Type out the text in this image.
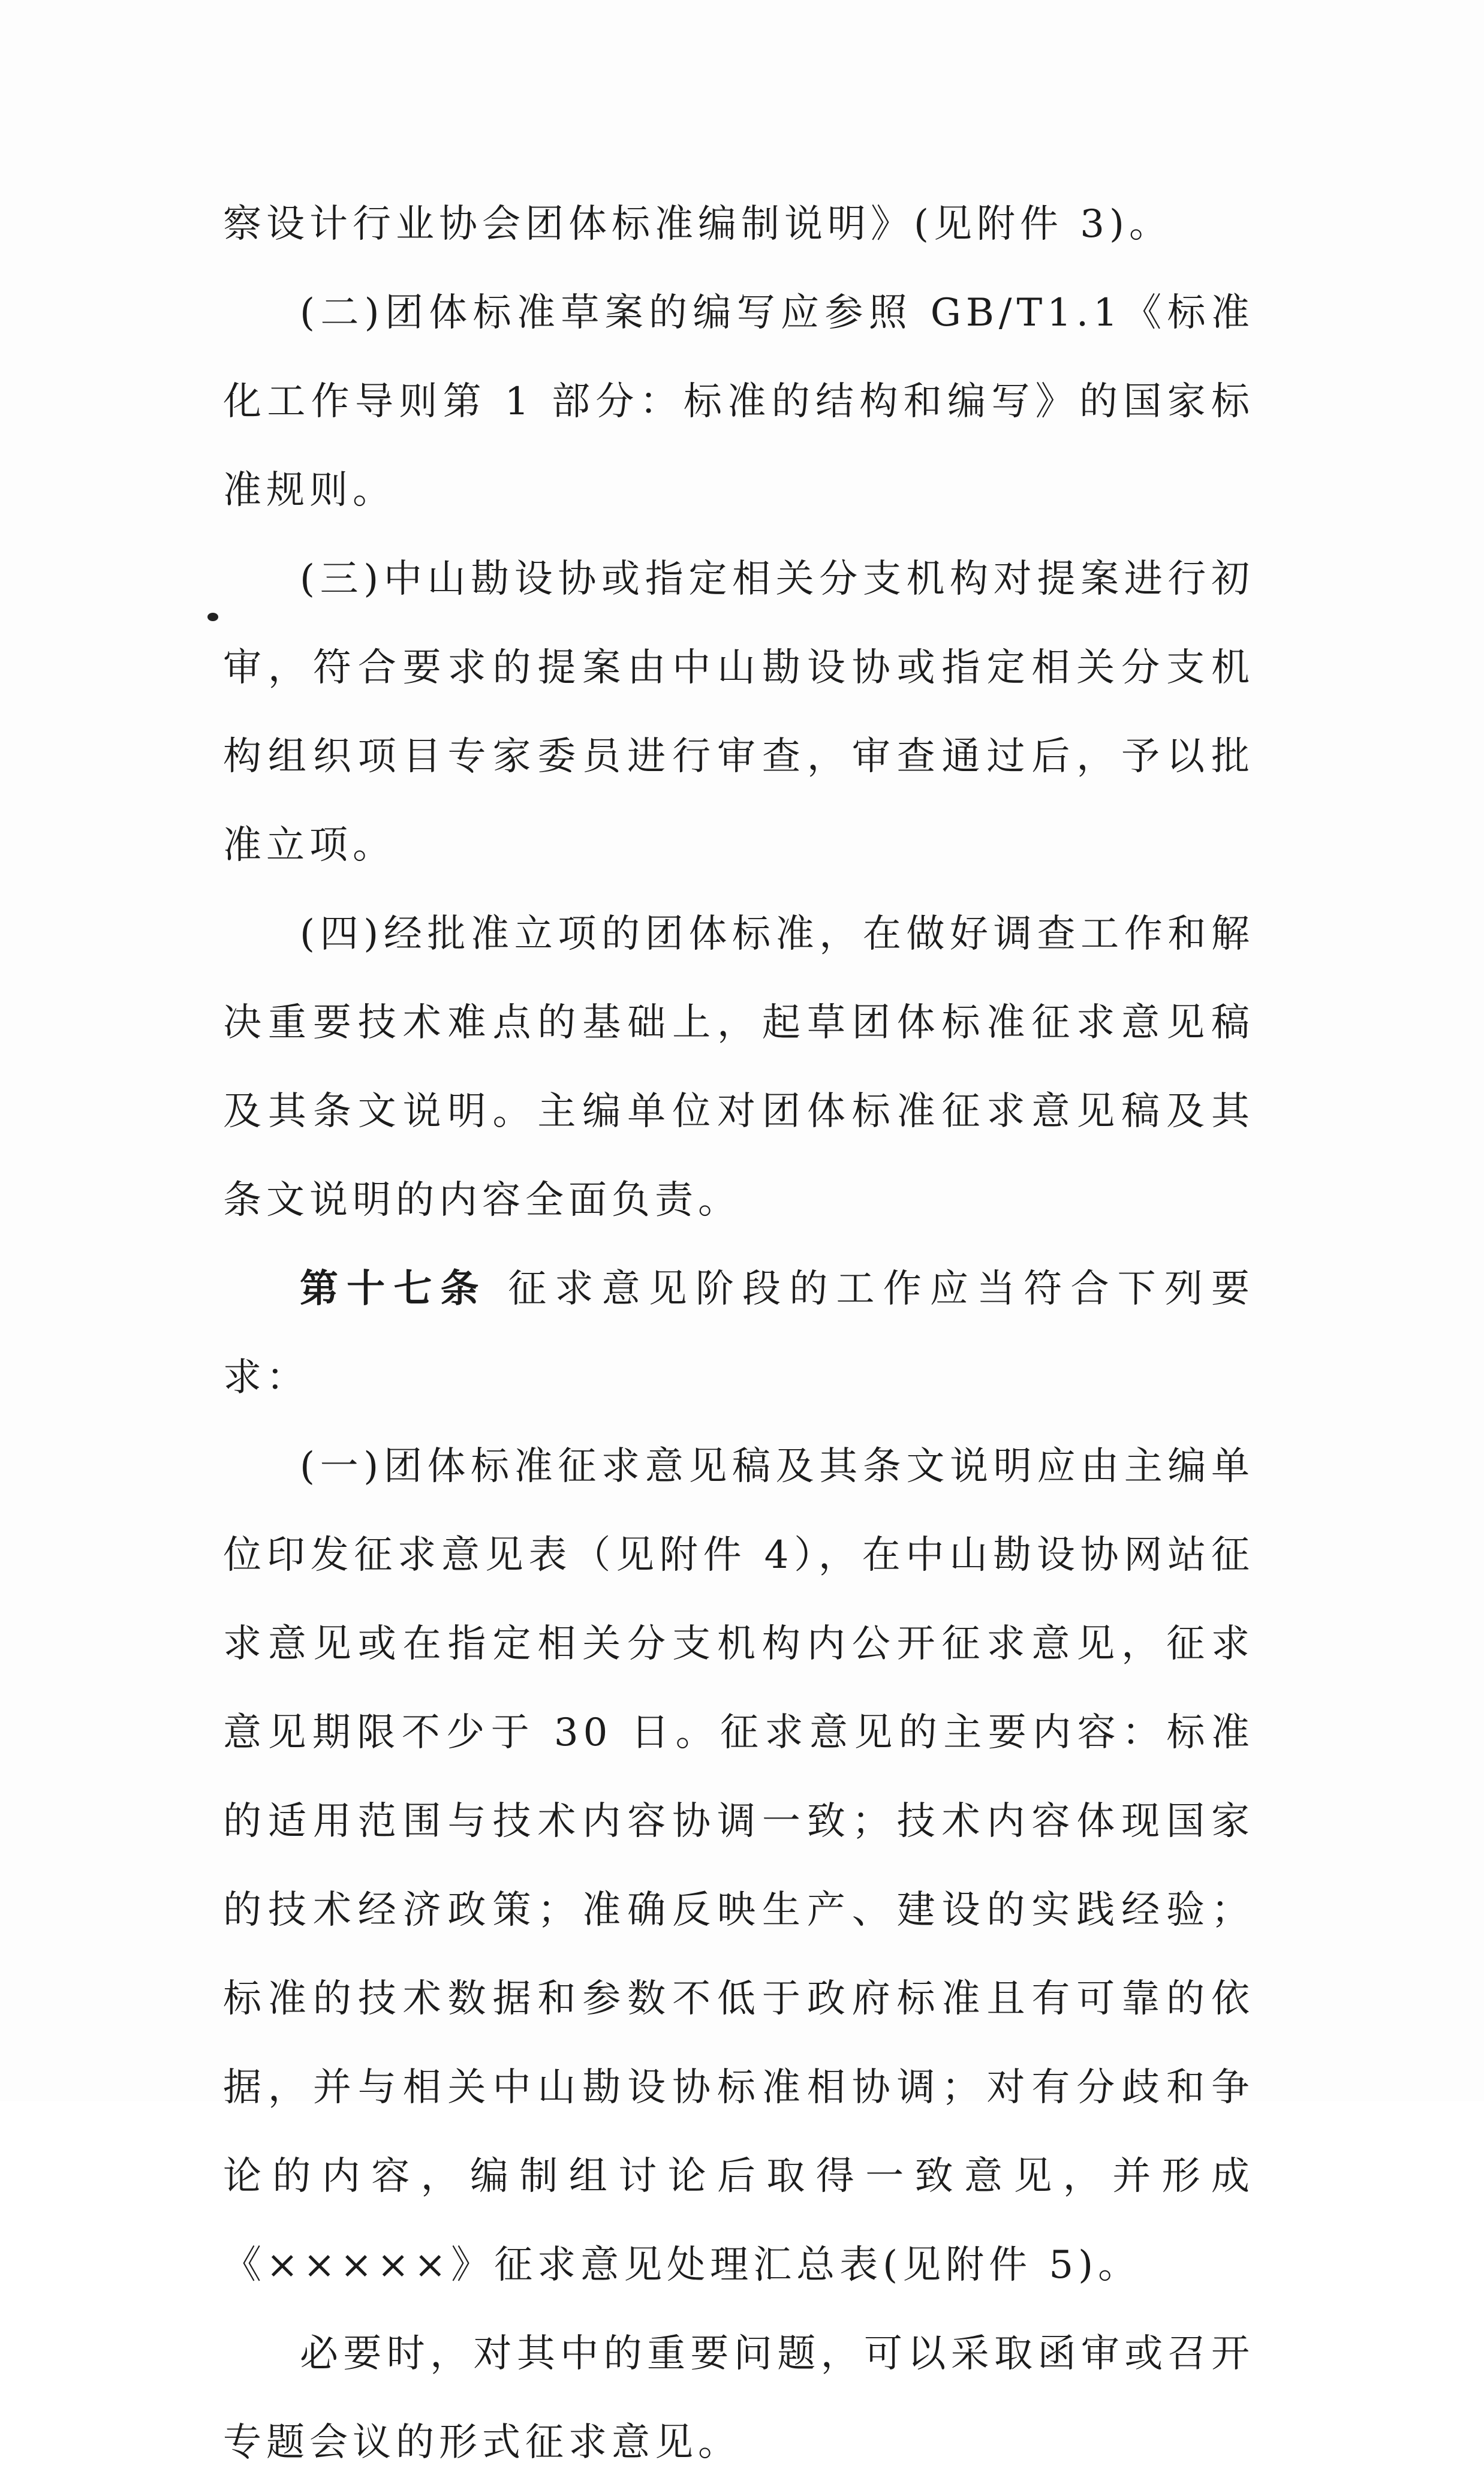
察设计行业协会团体标准编制说明》(见附件 3)。

(二)团体标准草案的编写应参照 GB/T1.1《标准化工作导则第 1 部分：标准的结构和编写》的国家标准规则。

(三)中山勘设协或指定相关分支机构对提案进行初审，符合要求的提案由中山勘设协或指定相关分支机构组织项目专家委员进行审查，审查通过后，予以批准立项。

(四)经批准立项的团体标准，在做好调查工作和解决重要技术难点的基础上，起草团体标准征求意见稿及其条文说明。主编单位对团体标准征求意见稿及其条文说明的内容全面负责。

第十七条 征求意见阶段的工作应当符合下列要求：

(一)团体标准征求意见稿及其条文说明应由主编单位印发征求意见表（见附件 4），在中山勘设协网站征求意见或在指定相关分支机构内公开征求意见，征求意见期限不少于 30 日。征求意见的主要内容：标准的适用范围与技术内容协调一致；技术内容体现国家的技术经济政策；准确反映生产、建设的实践经验；标准的技术数据和参数不低于政府标准且有可靠的依据，并与相关中山勘设协标准相协调；对有分歧和争论的内容，编制组讨论后取得一致意见，并形成《×××××》征求意见处理汇总表(见附件 5)。

必要时，对其中的重要问题，可以采取函审或召开专题会议的形式征求意见。
